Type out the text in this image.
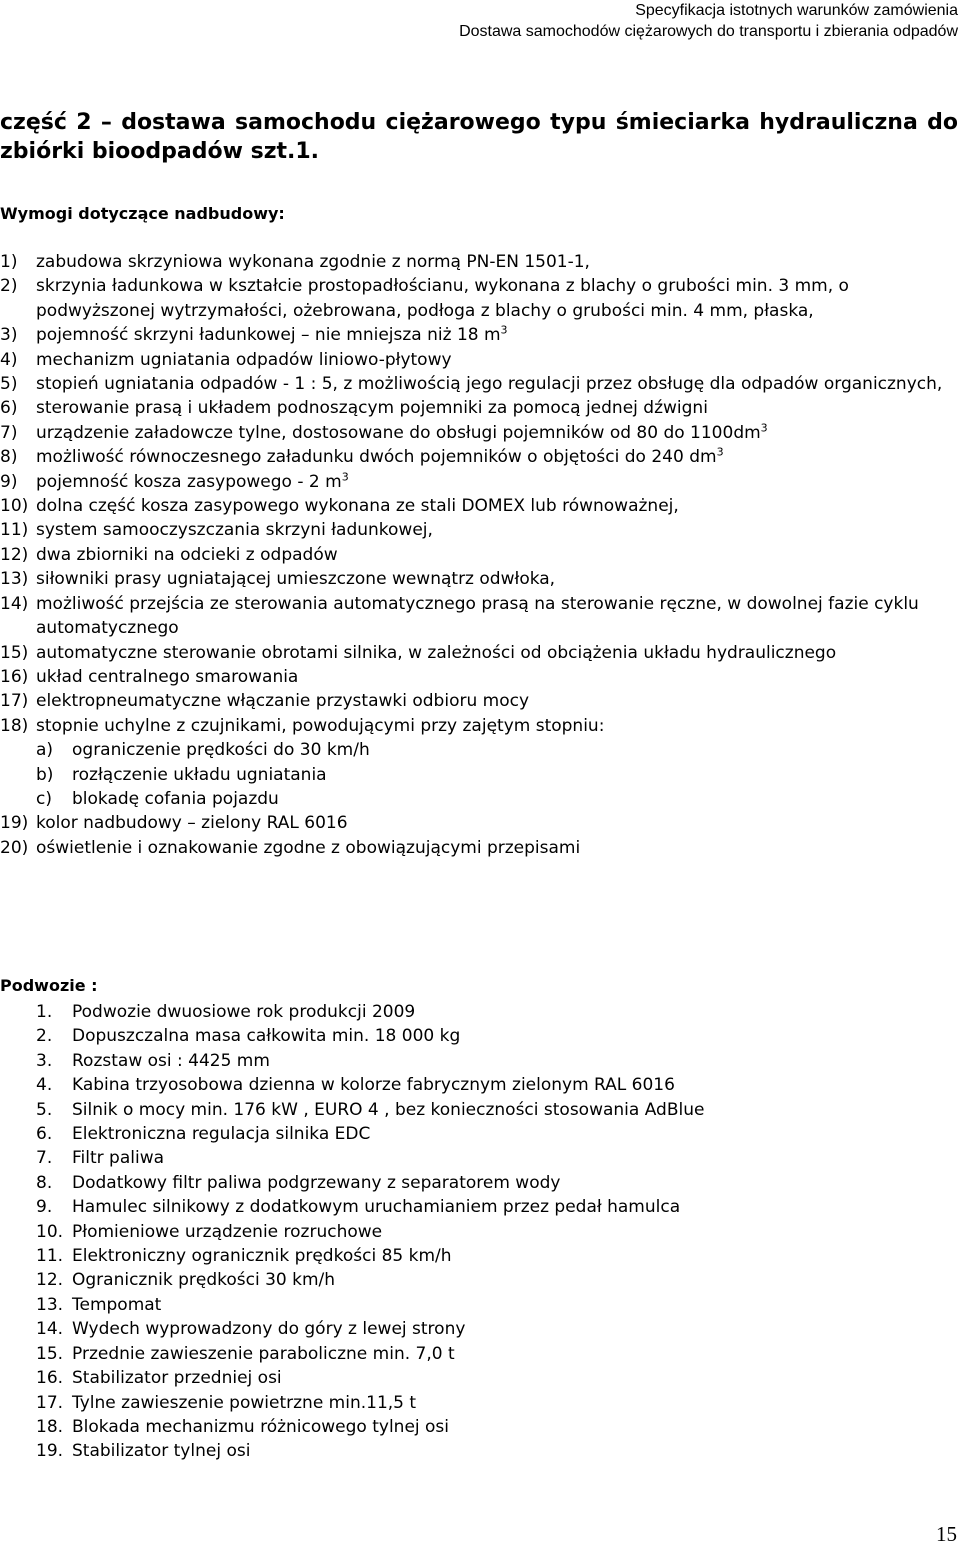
Specyfikacja istotnych warunków zamówienia
Dostawa samochodów ciężarowych do transportu i zbierania odpadów
część 2 – dostawa samochodu ciężarowego typu śmieciarka hydrauliczna do zbiórki bioodpadów szt.1.
Wymogi dotyczące nadbudowy:
1) zabudowa skrzyniowa wykonana zgodnie z normą PN-EN 1501-1,
2) skrzynia ładunkowa w kształcie prostopadłościanu, wykonana z blachy o grubości min. 3 mm, o podwyższonej wytrzymałości, ożebrowana, podłoga z blachy o grubości min. 4 mm, płaska,
3) pojemność skrzyni ładunkowej – nie mniejsza niż 18 $m^3$
4) mechanizm ugniatania odpadów liniowo-płytowy
5) stopień ugniatania odpadów - 1 : 5, z możliwością jego regulacji przez obsługę dla odpadów organicznych,
6) sterowanie prasą i układem podnoszącym pojemniki za pomocą jednej dźwigni
7) urządzenie załadowcze tylne, dostosowane do obsługi pojemników od 80 do $1100dm^3$
8) możliwość równoczesnego załadunku dwóch pojemników o objętości do 240 $dm^3$
9) pojemność kosza zasypowego - 2 $m^3$
10) dolna część kosza zasypowego wykonana ze stali DOMEX lub równoważnej,
11) system samooczyszczania skrzyni ładunkowej,
12) dwa zbiorniki na odcieki z odpadów
13) siłowniki prasy ugniatającej umieszczone wewnątrz odwłoka,
14) możliwość przejścia ze sterowania automatycznego prasą na sterowanie ręczne, w dowolnej fazie cyklu automatycznego
15) automatyczne sterowanie obrotami silnika, w zależności od obciążenia układu hydraulicznego
16) układ centralnego smarowania
17) elektropneumatyczne włączanie przystawki odbioru mocy
18) stopnie uchylne z czujnikami, powodującymi przy zajętym stopniu:
a) ograniczenie prędkości do 30 km/h
b) rozłączenie układu ugniatania
c) blokadę cofania pojazdu
19) kolor nadbudowy – zielony RAL 6016
20) oświetlenie i oznakowanie zgodne z obowiązującymi przepisami
Podwozie :
1. Podwozie dwuosiowe rok produkcji 2009
2. Dopuszczalna masa całkowita min. 18 000 kg
3. Rozstaw osi : 4425 mm
4. Kabina trzyosobowa dzienna w kolorze fabrycznym zielonym RAL 6016
5. Silnik o mocy min. 176 kW , EURO 4 , bez konieczności stosowania AdBlue
6. Elektroniczna regulacja silnika EDC
7. Filtr paliwa
8. Dodatkowy filtr paliwa podgrzewany z separatorem wody
9. Hamulec silnikowy z dodatkowym uruchamianiem przez pedał hamulca
10. Płomieniowe urządzenie rozruchowe
11. Elektroniczny ogranicznik prędkości 85 km/h
12. Ogranicznik prędkości 30 km/h
13. Tempomat
14. Wydech wyprowadzony do góry z lewej strony
15. Przednie zawieszenie paraboliczne min. 7,0 t
16. Stabilizator przedniej osi
17. Tylne zawieszenie powietrzne min.11,5 t
18. Blokada mechanizmu różnicowego tylnej osi
19. Stabilizator tylnej osi
15
